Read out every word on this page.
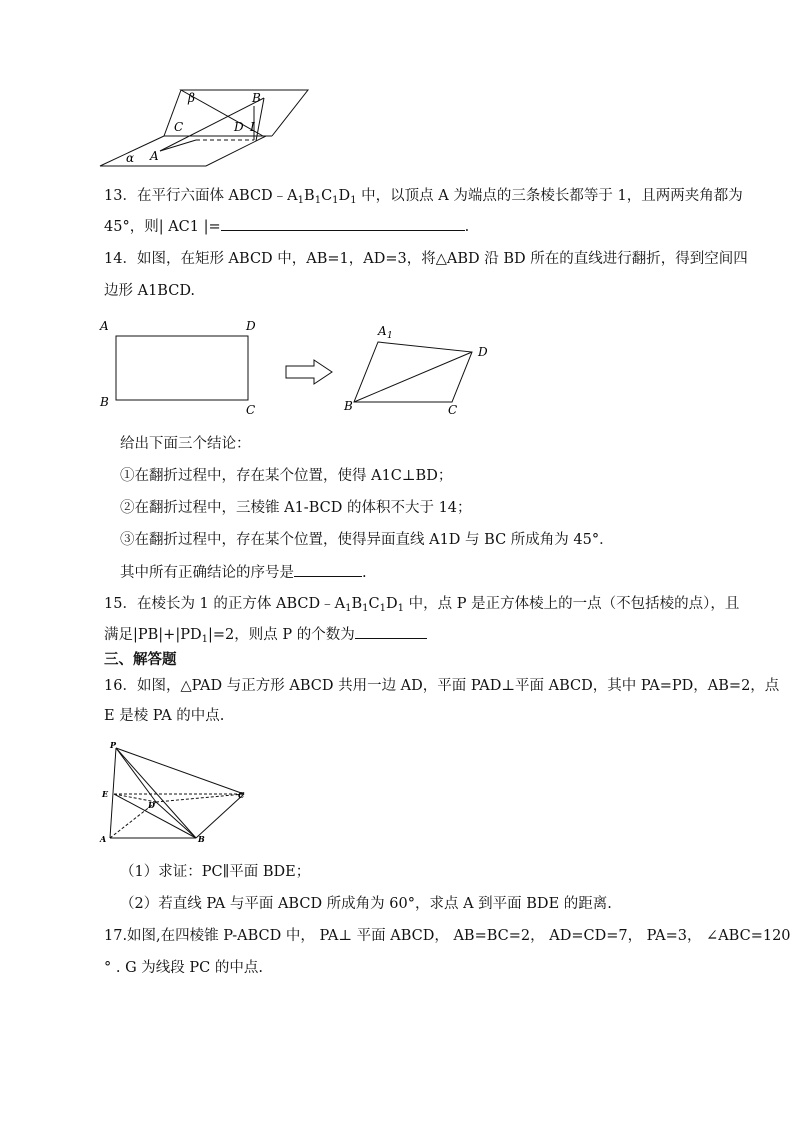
β	B
C	D I
α A
13．在平行六面体 $ABCD﹣A_1B_1C_1D_1$ 中，以顶点 A 为端点的三条棱长都等于 1，且两两夹角都为
45°，则| AC1 |=	.
14．如图，在矩形 ABCD 中，AB=1，AD=3，将△ABD 沿 BD 所在的直线进行翻折，得到空间四
边形 A1BCD.
A	D
B
C
A 1
D
B	C
给出下面三个结论：
①在翻折过程中，存在某个位置，使得 A1C⊥BD；
②在翻折过程中，三棱锥 A1-BCD 的体积不大于 14；
③在翻折过程中，存在某个位置，使得异面直线 A1D 与 BC 所成角为 45°．
其中所有正确结论的序号是	.
15．在棱长为 1 的正方体 $ABCD﹣A_1B_1C_1D_1$ 中，点 P 是正方体棱上的一点（不包括棱的点），且
满足$|PB|+|PD_1|=2$，则点 P 的个数为
三、解答题
16．如图，△PAD 与正方形 ABCD 共用一边 AD，平面 PAD⊥平面 ABCD，其中 PA=PD，AB=2，点
E 是棱 PA 的中点.
P
E
D
C
A	B
（1）求证：PC∥平面 BDE；
（2）若直线 PA 与平面 ABCD 所成角为 60°，求点 A 到平面 BDE 的距离.
17.如图,在四棱锥 P-ABCD 中， PA⊥ 平面 ABCD， AB=BC=2， AD=CD=7， PA=3， ∠ABC=120
° . G 为线段 PC 的中点.
